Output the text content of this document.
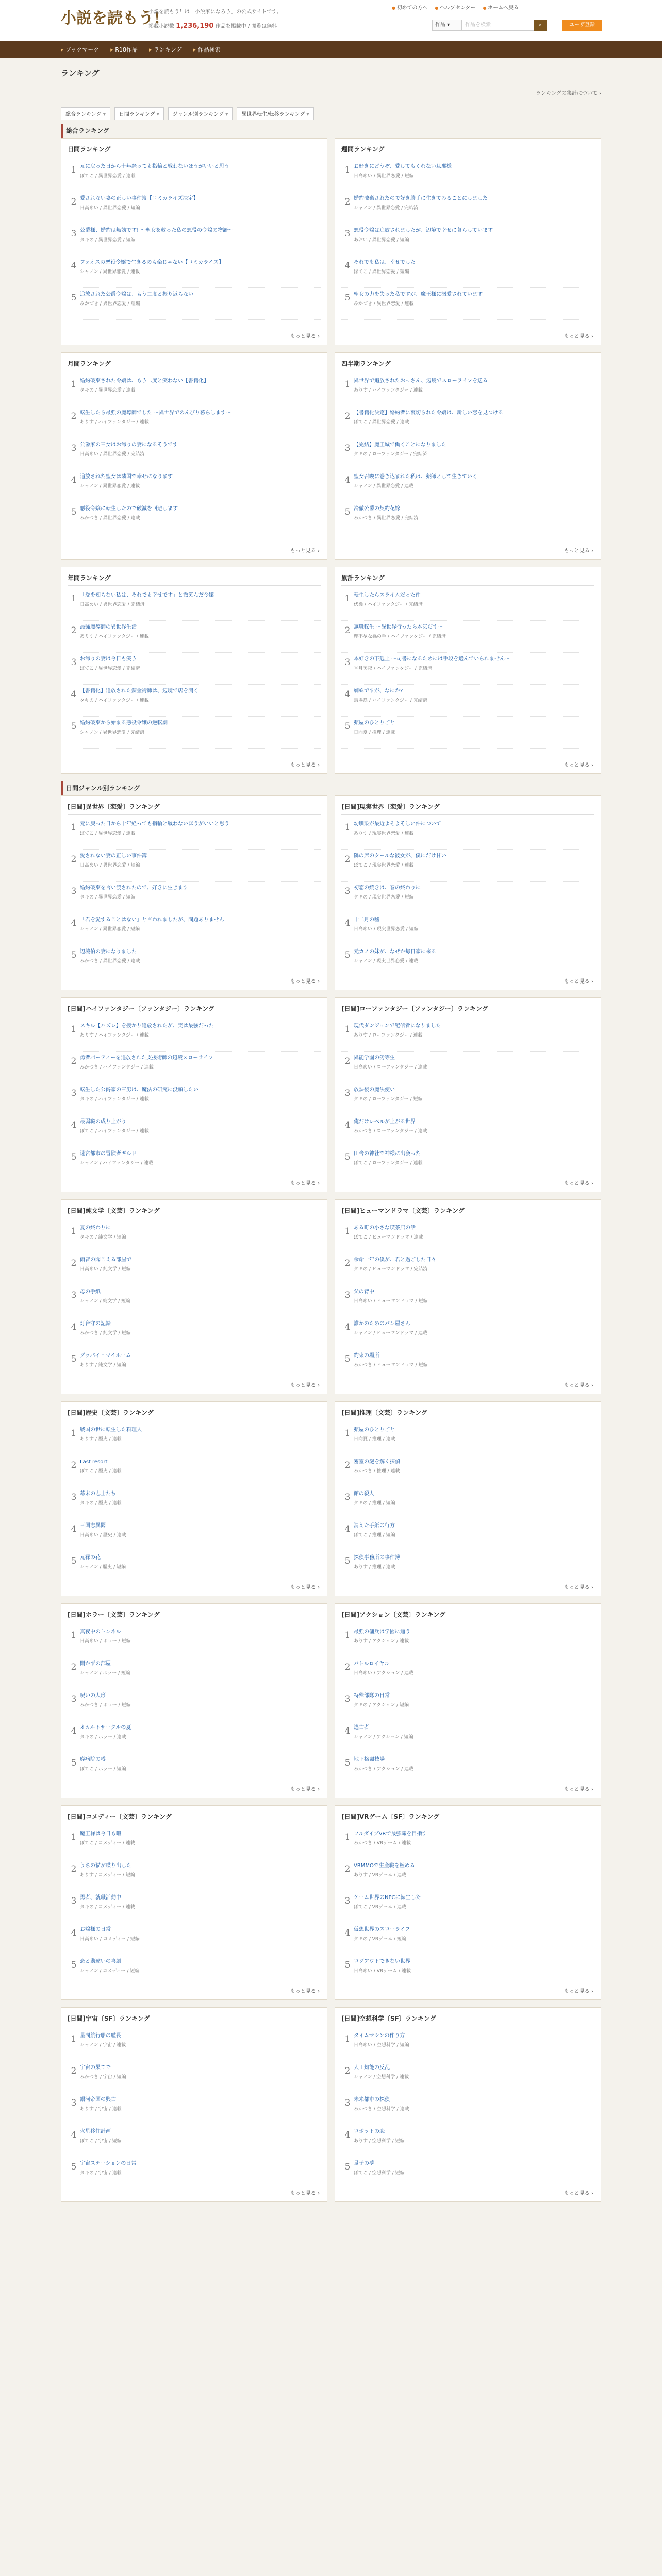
小説を読もう!
小説を読もう！は「小説家になろう」の公式サイトです。
掲載小説数 1,236,190 作品を掲載中 / 閲覧は無料
● 初めての方へ	● ヘルプセンター	● ホームへ戻る
作品 ▾	作品を検索	⌕	ユーザ登録
▸ ブックマーク	▸ R18作品	▸ ランキング	▸ 作品検索
ランキング
ランキングの集計について ›
総合ランキング ▾	日間ランキング ▾	ジャンル別ランキング ▾	異世界転生/転移ランキング ▾
総合ランキング
日間ランキング
1 元に戻った日から十年経っても指輪と戦わないほうがいいと思う
ぽてこ / 異世界恋愛 / 連載
2 愛されない妻の正しい事件簿【コミカライズ決定】
日高めい / 異世界恋愛 / 短編
3 公爵様、婚約は無効です! ～聖女を救った私の悪役の令嬢の物語～
タキの / 異世界恋愛 / 短編
4 フェオスの悪役令嬢で生きるのも楽じゃない【コミカライズ】
シャノン / 異世界恋愛 / 連載
5 追放された公爵令嬢は、もう二度と振り返らない
みかづき / 異世界恋愛 / 短編
もっと見る ›
週間ランキング
1 お好きにどうぞ、愛してもくれない旦那様
日高めい / 異世界恋愛 / 短編
2 婚約破棄されたので好き勝手に生きてみることにしました
シャノン / 異世界恋愛 / 完結済
3 悪役令嬢は追放されましたが、辺境で幸せに暮らしています
あおい / 異世界恋愛 / 短編
4 それでも私は、幸せでした
ぽてこ / 異世界恋愛 / 短編
5 聖女の力を失った私ですが、魔王様に溺愛されています
みかづき / 異世界恋愛 / 連載
もっと見る ›
月間ランキング
1 婚約破棄された令嬢は、もう二度と笑わない【書籍化】
タキの / 異世界恋愛 / 連載
2 転生したら最強の魔導師でした ～異世界でのんびり暮らします～
ありす / ハイファンタジー / 連載
3 公爵家の三女はお飾りの妻になるそうです
日高めい / 異世界恋愛 / 完結済
4 追放された聖女は隣国で幸せになります
シャノン / 異世界恋愛 / 連載
5 悪役令嬢に転生したので破滅を回避します
みかづき / 異世界恋愛 / 連載
もっと見る ›
四半期ランキング
1 異世界で追放されたおっさん、辺境でスローライフを送る
ありす / ハイファンタジー / 連載
2 【書籍化決定】婚約者に裏切られた令嬢は、新しい恋を見つける
ぽてこ / 異世界恋愛 / 連載
3 【完結】魔王城で働くことになりました
タキの / ローファンタジー / 完結済
4 聖女召喚に巻き込まれた私は、薬師として生きていく
シャノン / 異世界恋愛 / 連載
5 冷徹公爵の契約花嫁
みかづき / 異世界恋愛 / 完結済
もっと見る ›
年間ランキング
1 「愛を知らない私は、それでも幸せです」と微笑んだ令嬢
日高めい / 異世界恋愛 / 完結済
2 最強魔導師の異世界生活
ありす / ハイファンタジー / 連載
3 お飾りの妻は今日も笑う
ぽてこ / 異世界恋愛 / 完結済
4 【書籍化】追放された錬金術師は、辺境で店を開く
タキの / ハイファンタジー / 連載
5 婚約破棄から始まる悪役令嬢の逆転劇
シャノン / 異世界恋愛 / 完結済
もっと見る ›
累計ランキング
1 転生したらスライムだった件
伏瀬 / ハイファンタジー / 完結済
2 無職転生 ～異世界行ったら本気だす～
理不尽な孫の手 / ハイファンタジー / 完結済
3 本好きの下剋上 ～司書になるためには手段を選んでいられません～
香月美夜 / ハイファンタジー / 完結済
4 蜘蛛ですが、なにか?
馬場翁 / ハイファンタジー / 完結済
5 薬屋のひとりごと
日向夏 / 推理 / 連載
もっと見る ›
日間ジャンル別ランキング
[日間]異世界〔恋愛〕ランキング
1 元に戻った日から十年経っても指輪と戦わないほうがいいと思う
ぽてこ / 異世界恋愛 / 連載
2 愛されない妻の正しい事件簿
日高めい / 異世界恋愛 / 短編
3 婚約破棄を言い渡されたので、好きに生きます
タキの / 異世界恋愛 / 短編
4 「君を愛することはない」と言われましたが、問題ありません
シャノン / 異世界恋愛 / 短編
5 辺境伯の妻になりました
みかづき / 異世界恋愛 / 連載
もっと見る ›
[日間]現実世界〔恋愛〕ランキング
1 幼馴染が最近よそよそしい件について
ありす / 現実世界恋愛 / 連載
2 隣の席のクールな彼女が、僕にだけ甘い
ぽてこ / 現実世界恋愛 / 連載
3 初恋の続きは、春の終わりに
タキの / 現実世界恋愛 / 短編
4 十二月の嘘
日高めい / 現実世界恋愛 / 短編
5 元カノの妹が、なぜか毎日家に来る
シャノン / 現実世界恋愛 / 連載
もっと見る ›
[日間]ハイファンタジー〔ファンタジー〕ランキング
1 スキル【ハズレ】を授かり追放されたが、実は最強だった
ありす / ハイファンタジー / 連載
2 勇者パーティーを追放された支援術師の辺境スローライフ
みかづき / ハイファンタジー / 連載
3 転生した公爵家の三男は、魔法の研究に没頭したい
タキの / ハイファンタジー / 連載
4 最弱職の成り上がり
ぽてこ / ハイファンタジー / 連載
5 迷宮都市の冒険者ギルド
シャノン / ハイファンタジー / 連載
もっと見る ›
[日間]ローファンタジー〔ファンタジー〕ランキング
1 現代ダンジョンで配信者になりました
ありす / ローファンタジー / 連載
2 異能学園の劣等生
日高めい / ローファンタジー / 連載
3 放課後の魔法使い
タキの / ローファンタジー / 短編
4 俺だけレベルが上がる世界
みかづき / ローファンタジー / 連載
5 田舎の神社で神様に出会った
ぽてこ / ローファンタジー / 連載
もっと見る ›
[日間]純文学〔文芸〕ランキング
1 夏の終わりに
タキの / 純文学 / 短編
2 雨音の聞こえる部屋で
日高めい / 純文学 / 短編
3 母の手紙
シャノン / 純文学 / 短編
4 灯台守の記録
みかづき / 純文学 / 短編
5 グッバイ・マイホーム
ありす / 純文学 / 短編
もっと見る ›
[日間]ヒューマンドラマ〔文芸〕ランキング
1 ある町の小さな喫茶店の話
ぽてこ / ヒューマンドラマ / 連載
2 余命一年の僕が、君と過ごした日々
タキの / ヒューマンドラマ / 完結済
3 父の背中
日高めい / ヒューマンドラマ / 短編
4 誰かのためのパン屋さん
シャノン / ヒューマンドラマ / 連載
5 約束の場所
みかづき / ヒューマンドラマ / 短編
もっと見る ›
[日間]歴史〔文芸〕ランキング
1 戦国の世に転生した料理人
ありす / 歴史 / 連載
2 Last resort
ぽてこ / 歴史 / 連載
3 幕末の志士たち
タキの / 歴史 / 連載
4 三国志異聞
日高めい / 歴史 / 連載
5 元禄の花
シャノン / 歴史 / 短編
もっと見る ›
[日間]推理〔文芸〕ランキング
1 薬屋のひとりごと
日向夏 / 推理 / 連載
2 密室の謎を解く探偵
みかづき / 推理 / 連載
3 館の殺人
タキの / 推理 / 短編
4 消えた手紙の行方
ぽてこ / 推理 / 短編
5 探偵事務所の事件簿
ありす / 推理 / 連載
もっと見る ›
[日間]ホラー〔文芸〕ランキング
1 真夜中のトンネル
日高めい / ホラー / 短編
2 開かずの部屋
シャノン / ホラー / 短編
3 呪いの人形
みかづき / ホラー / 短編
4 オカルトサークルの夏
タキの / ホラー / 連載
5 廃病院の噂
ぽてこ / ホラー / 短編
もっと見る ›
[日間]アクション〔文芸〕ランキング
1 最強の傭兵は学園に通う
ありす / アクション / 連載
2 バトルロイヤル
日高めい / アクション / 連載
3 特殊部隊の日常
タキの / アクション / 短編
4 逃亡者
シャノン / アクション / 短編
5 地下格闘技場
みかづき / アクション / 連載
もっと見る ›
[日間]コメディー〔文芸〕ランキング
1 魔王様は今日も暇
ぽてこ / コメディー / 連載
2 うちの猫が喋り出した
ありす / コメディー / 短編
3 勇者、就職活動中
タキの / コメディー / 連載
4 お嬢様の日常
日高めい / コメディー / 短編
5 恋と勘違いの喜劇
シャノン / コメディー / 短編
もっと見る ›
[日間]VRゲーム〔SF〕ランキング
1 フルダイブVRで最強職を目指す
みかづき / VRゲーム / 連載
2 VRMMOで生産職を極める
ありす / VRゲーム / 連載
3 ゲーム世界のNPCに転生した
ぽてこ / VRゲーム / 連載
4 仮想世界のスローライフ
タキの / VRゲーム / 短編
5 ログアウトできない世界
日高めい / VRゲーム / 連載
もっと見る ›
[日間]宇宙〔SF〕ランキング
1 星間航行船の艦長
シャノン / 宇宙 / 連載
2 宇宙の果てで
みかづき / 宇宙 / 短編
3 銀河帝国の興亡
ありす / 宇宙 / 連載
4 火星移住計画
ぽてこ / 宇宙 / 短編
5 宇宙ステーションの日常
タキの / 宇宙 / 連載
もっと見る ›
[日間]空想科学〔SF〕ランキング
1 タイムマシンの作り方
日高めい / 空想科学 / 短編
2 人工知能の反乱
シャノン / 空想科学 / 連載
3 未来都市の探偵
みかづき / 空想科学 / 連載
4 ロボットの恋
ありす / 空想科学 / 短編
5 量子の夢
ぽてこ / 空想科学 / 短編
もっと見る ›
